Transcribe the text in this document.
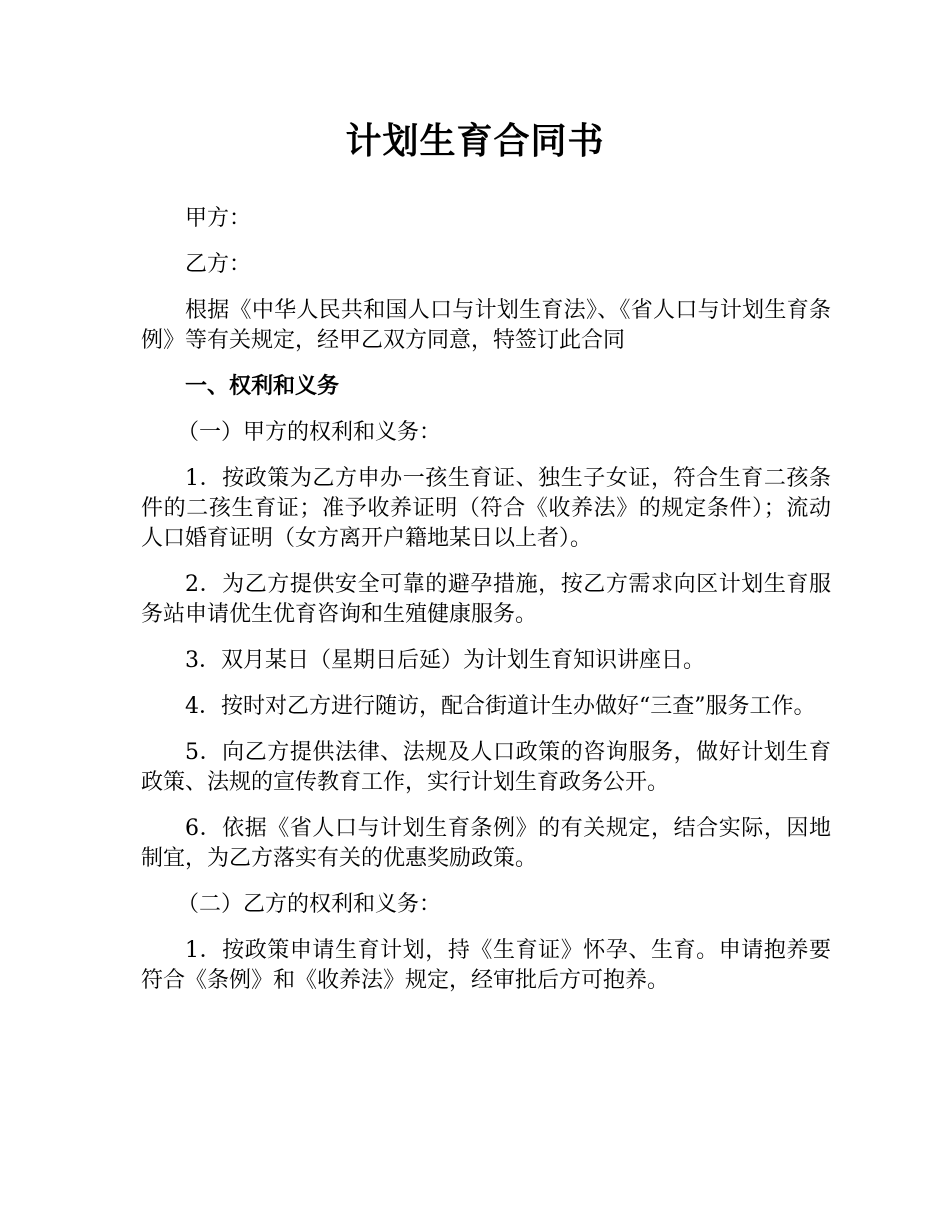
计划生育合同书

甲方：

乙方：

根据《中华人民共和国人口与计划生育法》、《省人口与计划生育条例》等有关规定，经甲乙双方同意，特签订此合同

一、权利和义务

（一）甲方的权利和义务：

1．按政策为乙方申办一孩生育证、独生子女证，符合生育二孩条件的二孩生育证；准予收养证明（符合《收养法》的规定条件）；流动人口婚育证明（女方离开户籍地某日以上者）。

2．为乙方提供安全可靠的避孕措施，按乙方需求向区计划生育服务站申请优生优育咨询和生殖健康服务。

3．双月某日（星期日后延）为计划生育知识讲座日。

4．按时对乙方进行随访，配合街道计生办做好“三查”服务工作。

5．向乙方提供法律、法规及人口政策的咨询服务，做好计划生育政策、法规的宣传教育工作，实行计划生育政务公开。

6．依据《省人口与计划生育条例》的有关规定，结合实际，因地制宜，为乙方落实有关的优惠奖励政策。

（二）乙方的权利和义务：

1．按政策申请生育计划，持《生育证》怀孕、生育。申请抱养要符合《条例》和《收养法》规定，经审批后方可抱养。
